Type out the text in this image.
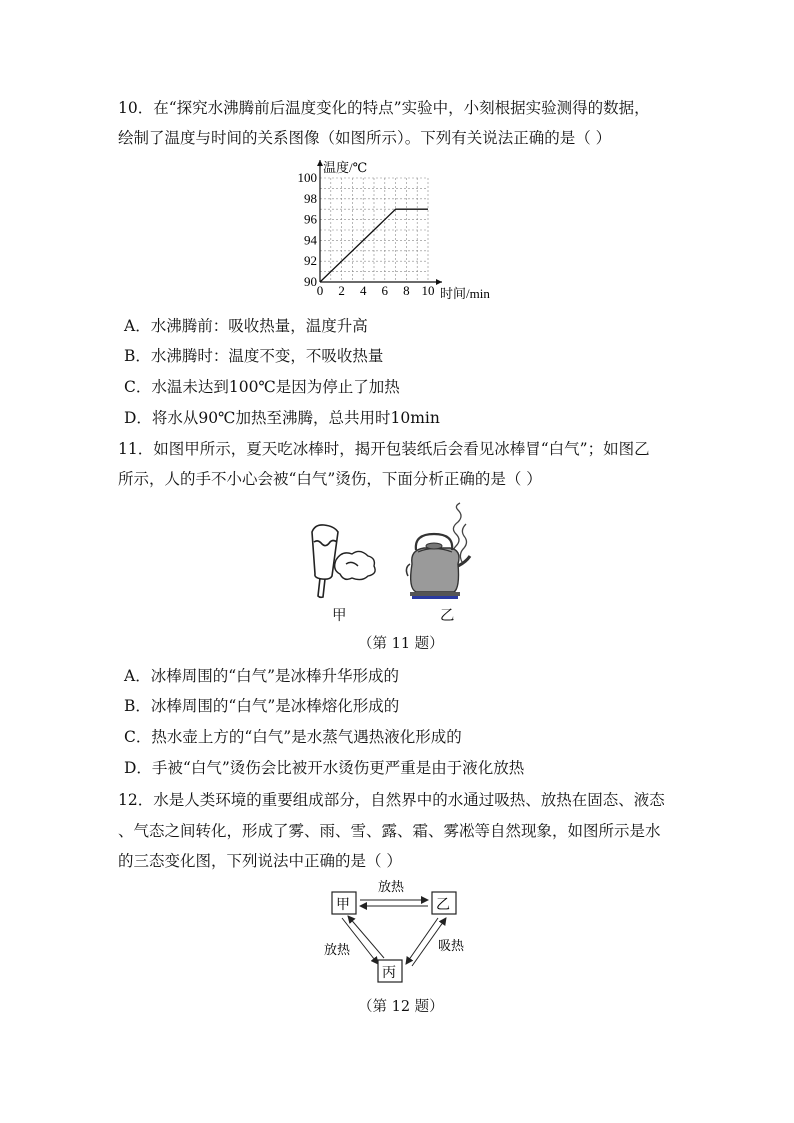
10．在“探究水沸腾前后温度变化的特点”实验中，小刻根据实验测得的数据，
绘制了温度与时间的关系图像（如图所示）。下列有关说法正确的是（ ）
0 2 4 6 8 10
90
92
94
96
98
100
温度/℃
时间/min
A．水沸腾前：吸收热量，温度升高
B．水沸腾时：温度不变，不吸收热量
C．水温未达到100℃是因为停止了加热
D．将水从90℃加热至沸腾，总共用时10min
11．如图甲所示，夏天吃冰棒时，揭开包装纸后会看见冰棒冒“白气”；如图乙
所示，人的手不小心会被“白气”烫伤，下面分析正确的是（ ）
甲	乙
（第 11 题）
A．冰棒周围的“白气”是冰棒升华形成的
B．冰棒周围的“白气”是冰棒熔化形成的
C．热水壶上方的“白气”是水蒸气遇热液化形成的
D．手被“白气”烫伤会比被开水烫伤更严重是由于液化放热
12．水是人类环境的重要组成部分，自然界中的水通过吸热、放热在固态、液态
、气态之间转化，形成了雾、雨、雪、露、霜、雾凇等自然现象，如图所示是水
的三态变化图，下列说法中正确的是（ ）
甲	乙
丙
放热
放热	吸热
（第 12 题）
